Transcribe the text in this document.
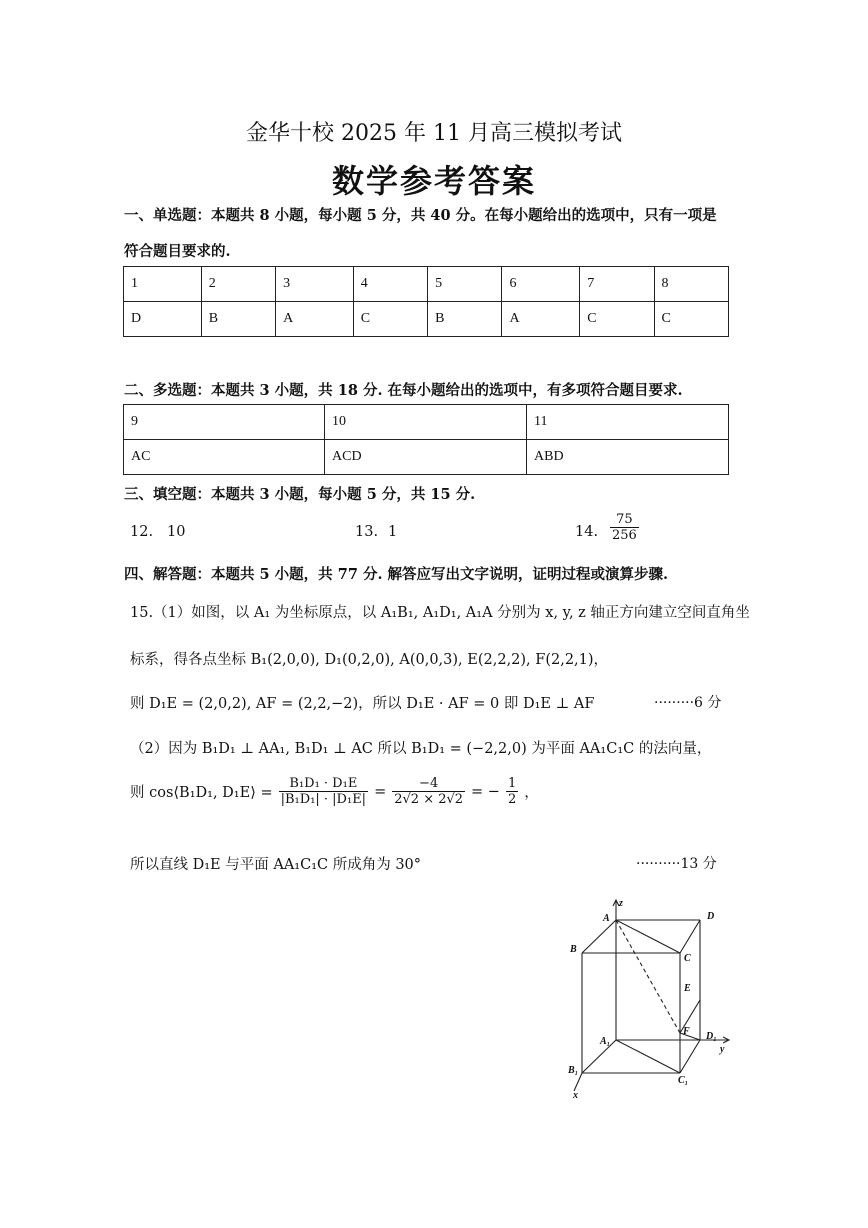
金华十校 2025 年 11 月高三模拟考试
数学参考答案
一、单选题：本题共 8 小题，每小题 5 分，共 40 分。在每小题给出的选项中，只有一项是
符合题目要求的.
1	2	3	4	5	6	7	8
D	B	A	C	B	A	C	C
二、多选题：本题共 3 小题，共 18 分. 在每小题给出的选项中，有多项符合题目要求.
9	10	11
AC	ACD	ABD
三、填空题：本题共 3 小题，每小题 5 分，共 15 分.
12. 10	13. 1	14. $\frac{75}{256}$
四、解答题：本题共 5 小题，共 77 分. 解答应写出文字说明，证明过程或演算步骤.
15.（1）如图，以 A₁ 为坐标原点，以 A₁B₁, A₁D₁, A₁A 分别为 x, y, z 轴正方向建立空间直角坐
标系，得各点坐标 B₁(2,0,0), D₁(0,2,0), A(0,0,3), E(2,2,2), F(2,2,1)，
则 D₁E = (2,0,2), AF = (2,2,−2)，所以 D₁E · AF = 0 即 D₁E ⊥ AF	·········6 分
（2）因为 B₁D₁ ⊥ AA₁, B₁D₁ ⊥ AC 所以 B₁D₁ = (−2,2,0) 为平面 AA₁C₁C 的法向量，
则 cos⟨B₁D₁, D₁E⟩ = $\frac{\text{B₁D₁ · D₁E}}{\text{|B₁D₁| · |D₁E|}} = \frac{-4}{2√2 \times 2√2}$ = − $\frac{1}{2}$ ，
所以直线 D₁E 与平面 AA₁C₁C 所成角为 30°	··········13 分
A
B
C
D
E
F
A₁
B₁
C₁
D₁
z
y
x
